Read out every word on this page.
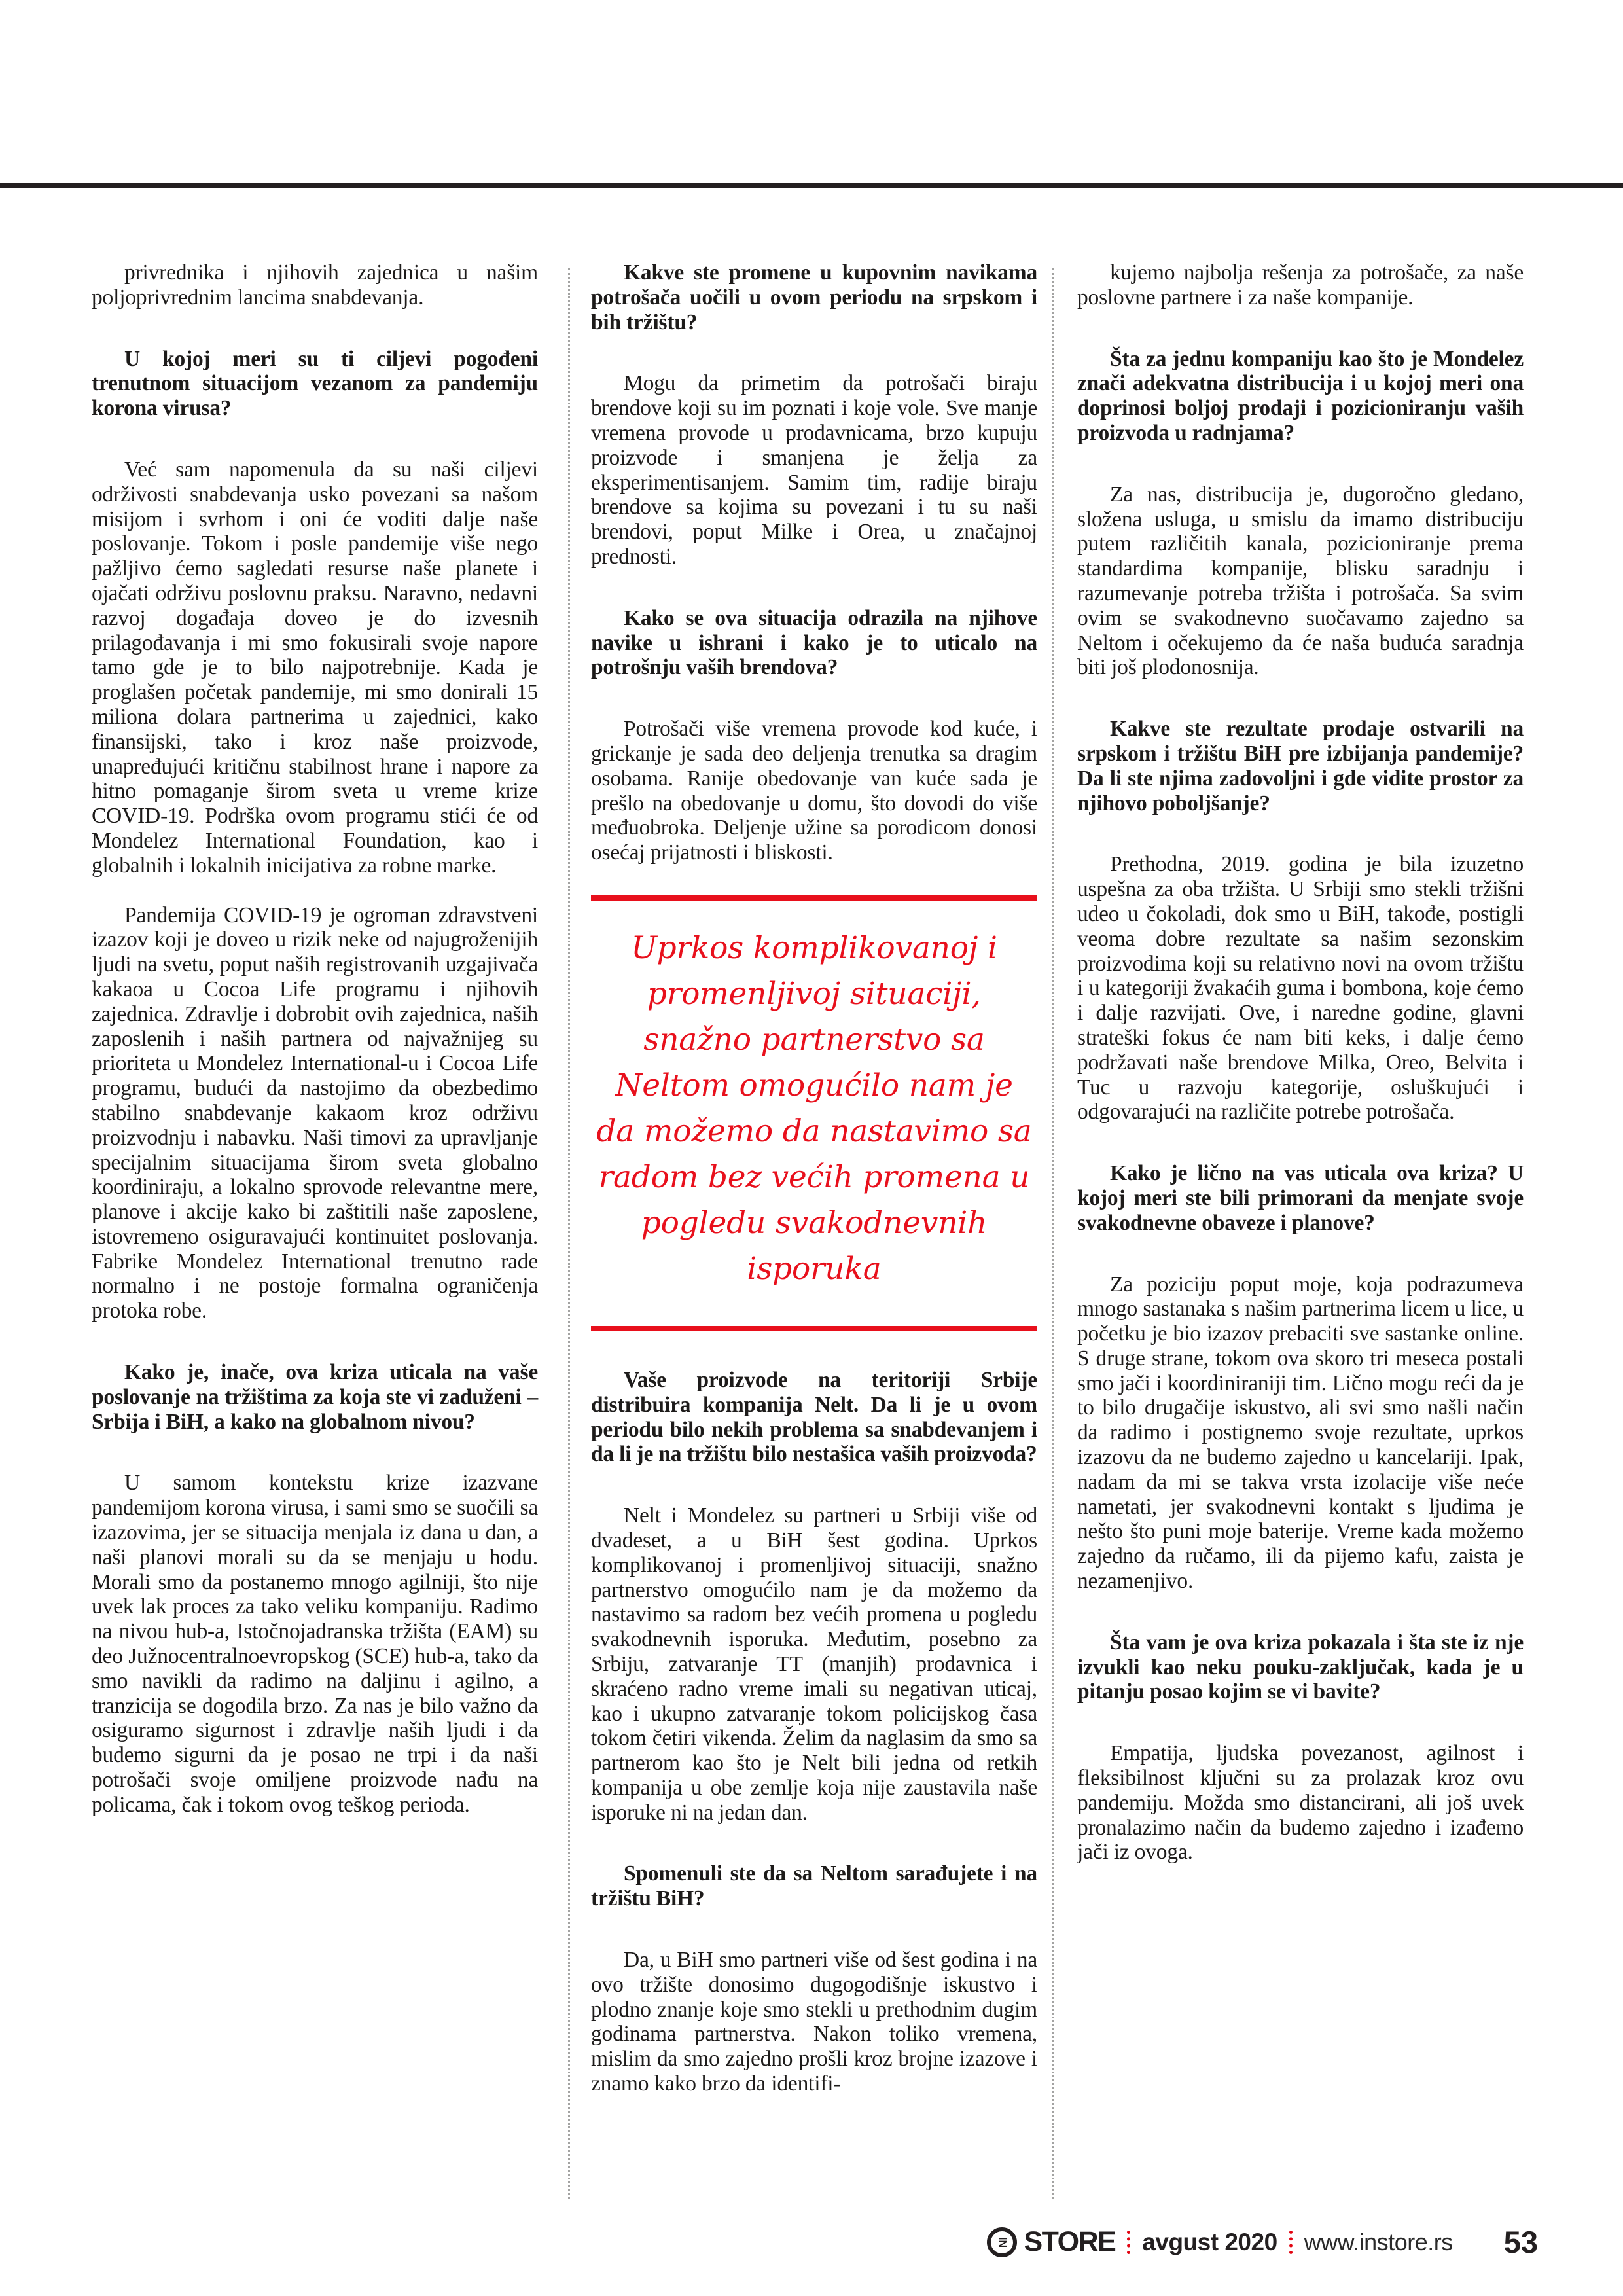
privrednika i njihovih zajednica u našim poljoprivrednim lancima snabdevanja.

U kojoj meri su ti ciljevi pogođeni trenutnom situacijom vezanom za pandemiju korona virusa?

Već sam napomenula da su naši ciljevi održivosti snabdevanja usko povezani sa našom misijom i svrhom i oni će voditi dalje naše poslovanje. Tokom i posle pandemije više nego pažljivo ćemo sagledati resurse naše planete i ojačati održivu poslovnu praksu. Naravno, nedavni razvoj događaja doveo je do izvesnih prilagođavanja i mi smo fokusirali svoje napore tamo gde je to bilo najpotrebnije. Kada je proglašen početak pandemije, mi smo donirali 15 miliona dolara partnerima u zajednici, kako finansijski, tako i kroz naše proizvode, unapređujući kritičnu stabilnost hrane i napore za hitno pomaganje širom sveta u vreme krize COVID-19. Podrška ovom programu stići će od Mondelez International Foundation, kao i globalnih i lokalnih inicijativa za robne marke.

Pandemija COVID-19 je ogroman zdravstveni izazov koji je doveo u rizik neke od najugroženijih ljudi na svetu, poput naših registrovanih uzgajivača kakaoa u Cocoa Life programu i njihovih zajednica. Zdravlje i dobrobit ovih zajednica, naših zaposlenih i naših partnera od najvažnijeg su prioriteta u Mondelez International-u i Cocoa Life programu, budući da nastojimo da obezbedimo stabilno snabdevanje kakaom kroz održivu proizvodnju i nabavku. Naši timovi za upravljanje specijalnim situacijama širom sveta globalno koordiniraju, a lokalno sprovode relevantne mere, planove i akcije kako bi zaštitili naše zaposlene, istovremeno osiguravajući kontinuitet poslovanja. Fabrike Mondelez International trenutno rade normalno i ne postoje formalna ograničenja protoka robe.

Kako je, inače, ova kriza uticala na vaše poslovanje na tržištima za koja ste vi zaduženi – Srbija i BiH, a kako na globalnom nivou?

U samom kontekstu krize izazvane pandemijom korona virusa, i sami smo se suočili sa izazovima, jer se situacija menjala iz dana u dan, a naši planovi morali su da se menjaju u hodu. Morali smo da postanemo mnogo agilniji, što nije uvek lak proces za tako veliku kompaniju. Radimo na nivou hub-a, Istočnojadranska tržišta (EAM) su deo Južnocentralnoevropskog (SCE) hub-a, tako da smo navikli da radimo na daljinu i agilno, a tranzicija se dogodila brzo. Za nas je bilo važno da osiguramo sigurnost i zdravlje naših ljudi i da budemo sigurni da je posao ne trpi i da naši potrošači svoje omiljene proizvode nađu na policama, čak i tokom ovog teškog perioda.

Kakve ste promene u kupovnim navikama potrošača uočili u ovom periodu na srpskom i bih tržištu?

Mogu da primetim da potrošači biraju brendove koji su im poznati i koje vole. Sve manje vremena provode u prodavnicama, brzo kupuju proizvode i smanjena je želja za eksperimentisanjem. Samim tim, radije biraju brendove sa kojima su povezani i tu su naši brendovi, poput Milke i Orea, u značajnoj prednosti.

Kako se ova situacija odrazila na njihove navike u ishrani i kako je to uticalo na potrošnju vaših brendova?

Potrošači više vremena provode kod kuće, i grickanje je sada deo deljenja trenutka sa dragim osobama. Ranije obedovanje van kuće sada je prešlo na obedovanje u domu, što dovodi do više međuobroka. Deljenje užine sa porodicom donosi osećaj prijatnosti i bliskosti.

Uprkos komplikovanoj i promenljivoj situaciji, snažno partnerstvo sa Neltom omogućilo nam je da možemo da nastavimo sa radom bez većih promena u pogledu svakodnevnih isporuka

Vaše proizvode na teritoriji Srbije distribuira kompanija Nelt. Da li je u ovom periodu bilo nekih problema sa snabdevanjem i da li je na tržištu bilo nestašica vaših proizvoda?

Nelt i Mondelez su partneri u Srbiji više od dvadeset, a u BiH šest godina. Uprkos komplikovanoj i promenljivoj situaciji, snažno partnerstvo omogućilo nam je da možemo da nastavimo sa radom bez većih promena u pogledu svakodnevnih isporuka. Međutim, posebno za Srbiju, zatvaranje TT (manjih) prodavnica i skraćeno radno vreme imali su negativan uticaj, kao i ukupno zatvaranje tokom policijskog časa tokom četiri vikenda. Želim da naglasim da smo sa partnerom kao što je Nelt bili jedna od retkih kompanija u obe zemlje koja nije zaustavila naše isporuke ni na jedan dan.

Spomenuli ste da sa Neltom sarađujete i na tržištu BiH?

Da, u BiH smo partneri više od šest godina i na ovo tržište donosimo dugogodišnje iskustvo i plodno znanje koje smo stekli u prethodnim dugim godinama partnerstva. Nakon toliko vremena, mislim da smo zajedno prošli kroz brojne izazove i znamo kako brzo da identifi-

kujemo najbolja rešenja za potrošače, za naše poslovne partnere i za naše kompanije.

Šta za jednu kompaniju kao što je Mondelez znači adekvatna distribucija i u kojoj meri ona doprinosi boljoj prodaji i pozicioniranju vaših proizvoda u radnjama?

Za nas, distribucija je, dugoročno gledano, složena usluga, u smislu da imamo distribuciju putem različitih kanala, pozicioniranje prema standardima kompanije, blisku saradnju i razumevanje potreba tržišta i potrošača. Sa svim ovim se svakodnevno suočavamo zajedno sa Neltom i očekujemo da će naša buduća saradnja biti još plodonosnija.

Kakve ste rezultate prodaje ostvarili na srpskom i tržištu BiH pre izbijanja pandemije? Da li ste njima zadovoljni i gde vidite prostor za njihovo poboljšanje?

Prethodna, 2019. godina je bila izuzetno uspešna za oba tržišta. U Srbiji smo stekli tržišni udeo u čokoladi, dok smo u BiH, takođe, postigli veoma dobre rezultate sa našim sezonskim proizvodima koji su relativno novi na ovom tržištu i u kategoriji žvakaćih guma i bombona, koje ćemo i dalje razvijati. Ove, i naredne godine, glavni strateški fokus će nam biti keks, i dalje ćemo podržavati naše brendove Milka, Oreo, Belvita i Tuc u razvoju kategorije, osluškujući i odgovarajući na različite potrebe potrošača.

Kako je lično na vas uticala ova kriza? U kojoj meri ste bili primorani da menjate svoje svakodnevne obaveze i planove?

Za poziciju poput moje, koja podrazumeva mnogo sastanaka s našim partnerima licem u lice, u početku je bio izazov prebaciti sve sastanke online. S druge strane, tokom ova skoro tri meseca postali smo jači i koordiniraniji tim. Lično mogu reći da je to bilo drugačije iskustvo, ali svi smo našli način da radimo i postignemo svoje rezultate, uprkos izazovu da ne budemo zajedno u kancelariji. Ipak, nadam da mi se takva vrsta izolacije više neće nametati, jer svakodnevni kontakt s ljudima je nešto što puni moje baterije. Vreme kada možemo zajedno da ručamo, ili da pijemo kafu, zaista je nezamenjivo.

Šta vam je ova kriza pokazala i šta ste iz nje izvukli kao neku pouku-zaključak, kada je u pitanju posao kojim se vi bavite?

Empatija, ljudska povezanost, agilnost i fleksibilnost ključni su za prolazak kroz ovu pandemiju. Možda smo distancirani, ali još uvek pronalazimo način da budemo zajedno i izađemo jači iz ovoga.

IN STORE avgust 2020 www.instore.rs 53
